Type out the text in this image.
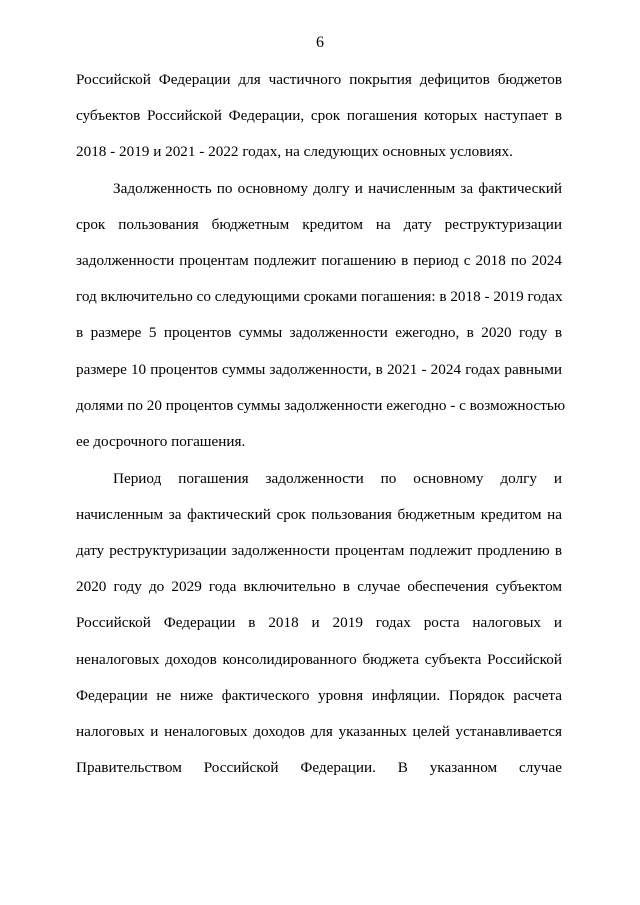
6
Российской Федерации для частичного покрытия дефицитов бюджетов
субъектов Российской Федерации, срок погашения которых наступает в
2018 - 2019 и 2021 - 2022 годах, на следующих основных условиях.
Задолженность по основному долгу и начисленным за фактический
срок пользования бюджетным кредитом на дату реструктуризации
задолженности процентам подлежит погашению в период с 2018 по 2024
год включительно со следующими сроками погашения: в 2018 - 2019 годах
в размере 5 процентов суммы задолженности ежегодно, в 2020 году в
размере 10 процентов суммы задолженности, в 2021 - 2024 годах равными
долями по 20 процентов суммы задолженности ежегодно - с возможностью
ее досрочного погашения.
Период погашения задолженности по основному долгу и
начисленным за фактический срок пользования бюджетным кредитом на
дату реструктуризации задолженности процентам подлежит продлению в
2020 году до 2029 года включительно в случае обеспечения субъектом
Российской Федерации в 2018 и 2019 годах роста налоговых и
неналоговых доходов консолидированного бюджета субъекта Российской
Федерации не ниже фактического уровня инфляции. Порядок расчета
налоговых и неналоговых доходов для указанных целей устанавливается
Правительством Российской Федерации. В указанном случае
